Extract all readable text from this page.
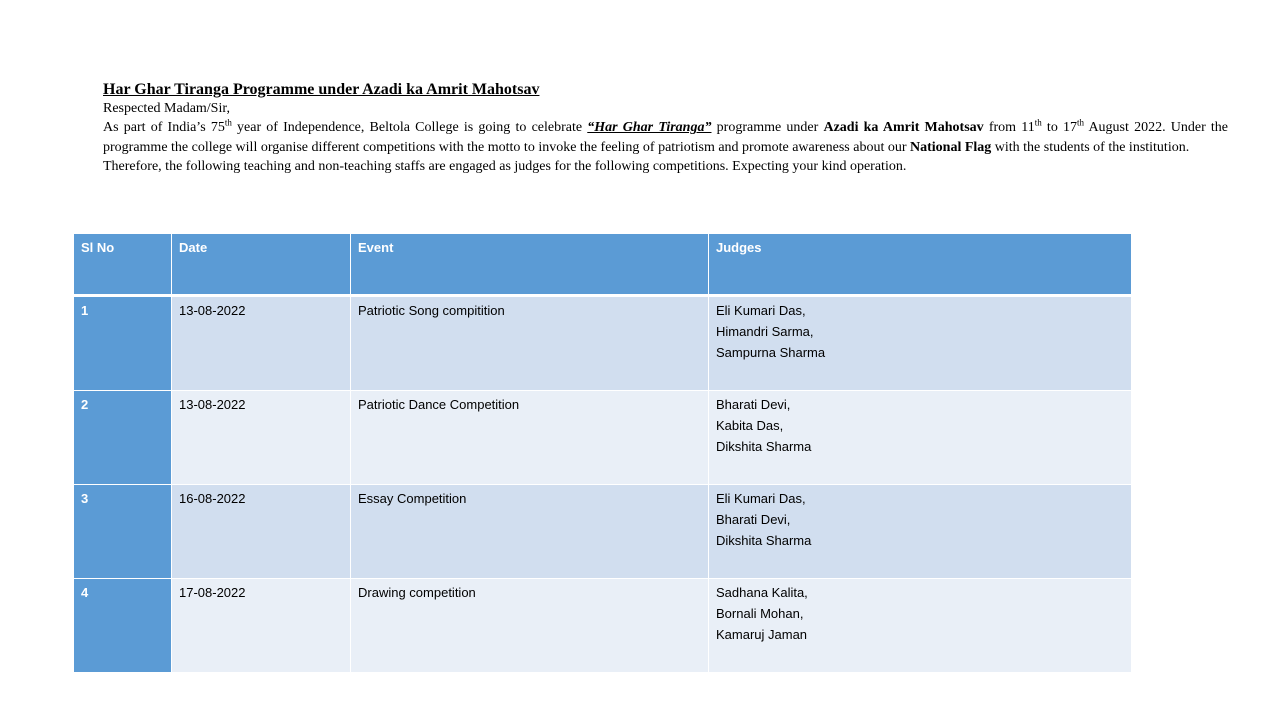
Har Ghar Tiranga Programme under Azadi ka Amrit Mahotsav

Respected Madam/Sir,

As part of India’s 75th year of Independence, Beltola College is going to celebrate “Har Ghar Tiranga” programme under Azadi ka Amrit Mahotsav from 11th to 17th August 2022. Under the programme the college will organise different competitions with the motto to invoke the feeling of patriotism and promote awareness about our National Flag with the students of the institution.

Therefore, the following teaching and non-teaching staffs are engaged as judges for the following competitions. Expecting your kind operation.

Sl No	Date	Event	Judges
1	13-08-2022	Patriotic Song compitition	Eli Kumari Das,
Himandri Sarma,
Sampurna Sharma

2	13-08-2022	Patriotic Dance Competition	Bharati Devi,
Kabita Das,
Dikshita Sharma

3	16-08-2022	Essay Competition	Eli Kumari Das,
Bharati Devi,
Dikshita Sharma

4	17-08-2022	Drawing competition	Sadhana Kalita,
Bornali Mohan,
Kamaruj Jaman
